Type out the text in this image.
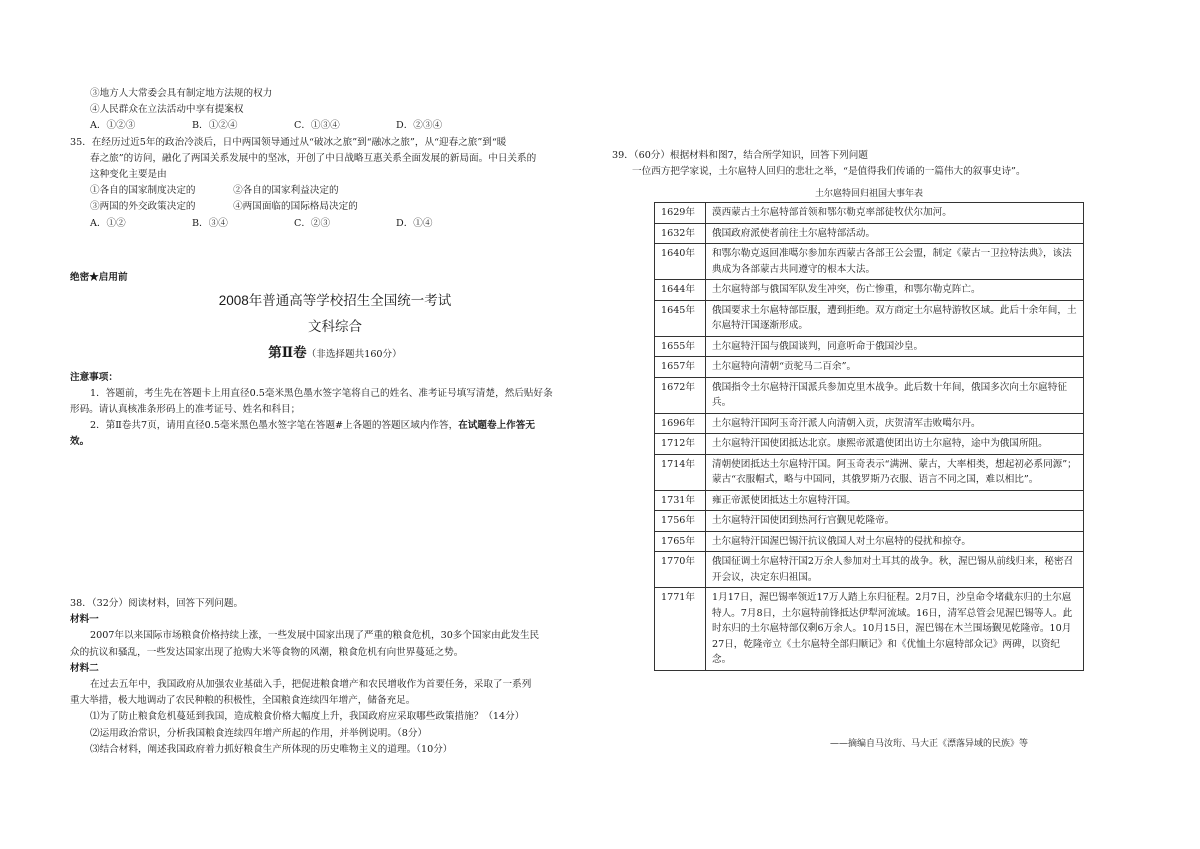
③地方人大常委会具有制定地方法规的权力
④人民群众在立法活动中享有提案权
A．①②③	B．①②④	C．①③④	D．②③④
35．在经历过近5年的政治冷淡后，日中两国领导通过从“破冰之旅”到“融冰之旅”，从“迎春之旅”到“暖
春之旅”的访问，融化了两国关系发展中的坚冰，开创了中日战略互惠关系全面发展的新局面。中日关系的
这种变化主要是由
①各自的国家制度决定的	②各自的国家利益决定的
③两国的外交政策决定的	④两国面临的国际格局决定的
A．①②	B．③④	C．②③	D．①④
绝密★启用前
2008年普通高等学校招生全国统一考试
文科综合
第Ⅱ卷（非选择题共160分）
注意事项：
1．答题前，考生先在答题卡上用直径0.5毫米黑色墨水签字笔将自己的姓名、准考证号填写清楚，然后贴好条
形码。请认真核准条形码上的准考证号、姓名和科目；
2．第Ⅱ卷共7页，请用直径0.5毫米黑色墨水签字笔在答题#上各题的答题区域内作答，在试题卷上作答无
效。
38．（32分）阅读材料，回答下列问题。
材料一
2007年以来国际市场粮食价格持续上涨，一些发展中国家出现了严重的粮食危机，30多个国家由此发生民
众的抗议和骚乱，一些发达国家出现了抢购大米等食物的风潮，粮食危机有向世界蔓延之势。
材料二
在过去五年中，我国政府从加强农业基础入手，把促进粮食增产和农民增收作为首要任务，采取了一系列
重大举措，极大地调动了农民种粮的积极性，全国粮食连续四年增产，储备充足。
⑴为了防止粮食危机蔓延到我国，造成粮食价格大幅度上升，我国政府应采取哪些政策措施？（14分）
⑵运用政治常识，分析我国粮食连续四年增产所起的作用，并举例说明。（8分）
⑶结合材料，阐述我国政府着力抓好粮食生产所体现的历史唯物主义的道理。（10分）
39．（60分）根据材料和图7，结合所学知识，回答下列问题
一位西方把学家说，土尔扈特人回归的悲壮之举，“是值得我们传诵的一篇伟大的叙事史诗”。
土尔扈特回归祖国大事年表
1629年	漠西蒙古土尔扈特部首领和鄂尔勒克率部徒牧伏尔加河。
1632年	俄国政府派使者前往土尔扈特部活动。
1640年	和鄂尔勒克返回准噶尔参加东西蒙古各部王公会盟，制定《蒙古一卫拉特法典》，该法典成为各部蒙古共同遵守的根本大法。
1644年	土尔扈特部与俄国军队发生冲突，伤亡惨重，和鄂尔勒克阵亡。
1645年	俄国要求土尔扈特部臣服，遭到拒绝。双方商定土尔扈特游牧区域。此后十余年间，土尔扈特汗国逐渐形成。
1655年	土尔扈特汗国与俄国谈判，同意听命于俄国沙皇。
1657年	土尔扈特向清朝“贡驼马二百余”。
1672年	俄国指令土尔扈特汗国派兵参加克里木战争。此后数十年间，俄国多次向土尔扈特征兵。
1696年	土尔扈特汗国阿玉奇汗派人向清朝入贡，庆贺清军击败噶尔丹。
1712年	土尔扈特汗国使团抵达北京。康熙帝派遣使团出访土尔扈特，途中为俄国所阻。
1714年	清朝使团抵达土尔扈特汗国。阿玉奇表示“满洲、蒙古，大率相类，想起初必系同源”；蒙古“衣服帽式，略与中国同，其俄罗斯乃衣服、语言不同之国，难以相比”。
1731年	雍正帝派使团抵达土尔扈特汗国。
1756年	土尔扈特汗国使团到热河行宫觐见乾隆帝。
1765年	土尔扈特汗国渥巴锡汗抗议俄国人对土尔扈特的侵扰和掠夺。
1770年	俄国征调土尔扈特汗国2万余人参加对土耳其的战争。秋，渥巴锡从前线归来，秘密召开会议，决定东归祖国。
1771年	1月17日，渥巴锡率领近17万人踏上东归征程。2月7日，沙皇命令堵截东归的土尔扈特人。7月8日，土尔扈特前锋抵达伊犁河流域。16日，清军总管会见渥巴锡等人。此时东归的土尔扈特部仅剩6万余人。10月15日，渥巴锡在木兰围场觐见乾隆帝。10月27日，乾隆帝立《土尔扈特全部归顺记》和《优恤土尔扈特部众记》两碑，以资纪念。
——摘编自马汝珩、马大正《漂落异域的民族》等
